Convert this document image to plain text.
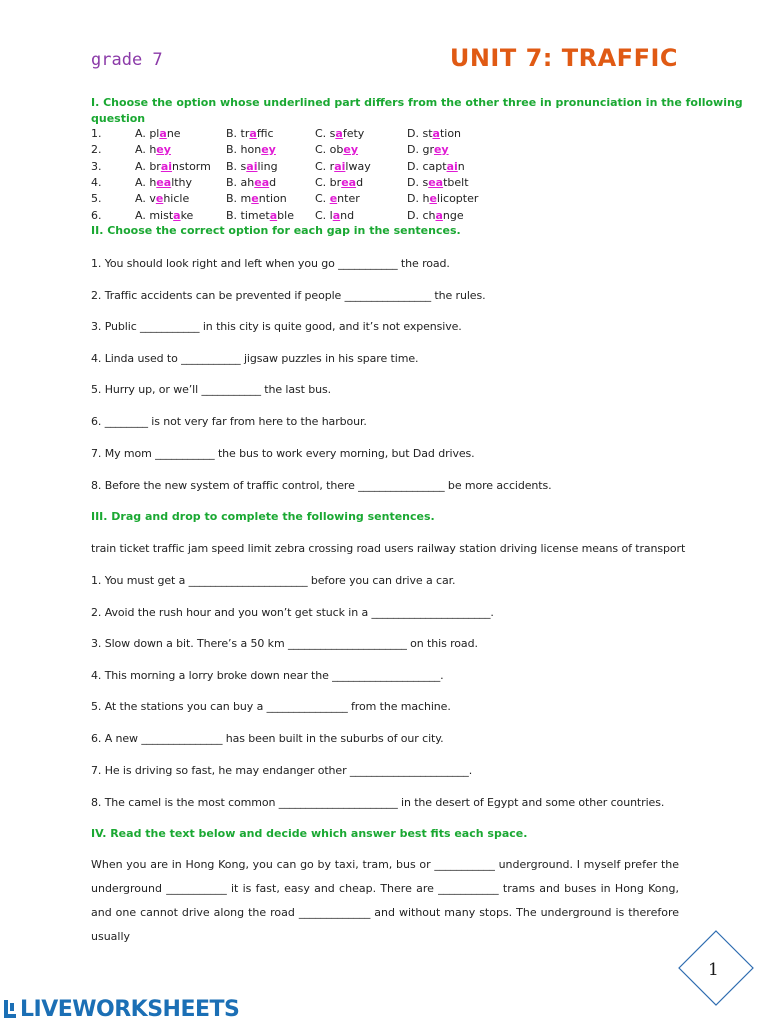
grade 7	UNIT 7: TRAFFIC
I. Choose the option whose underlined part differs from the other three in pronunciation in the following
question
1.	A. plane	B. traffic	C. safety	D. station
2.	A. hey	B. honey	C. obey	D. grey
3.	A. brainstorm B. sailing	C. railway	D. captain
4.	A. healthy	B. ahead	C. bread	D. seatbelt
5.	A. vehicle	B. mention	C. enter	D. helicopter
6.	A. mistake	B. timetable C. land	D. change
II. Choose the correct option for each gap in the sentences.
1. You should look right and left when you go ___________ the road.
2. Traffic accidents can be prevented if people ________________ the rules.
3. Public ___________ in this city is quite good, and it’s not expensive.
4. Linda used to ___________ jigsaw puzzles in his spare time.
5. Hurry up, or we’ll ___________ the last bus.
6. ________ is not very far from here to the harbour.
7. My mom ___________ the bus to work every morning, but Dad drives.
8. Before the new system of traffic control, there ________________ be more accidents.
III. Drag and drop to complete the following sentences.
train ticket traffic jam speed limit zebra crossing road users railway station driving license means of transport
1. You must get a ______________________ before you can drive a car.
2. Avoid the rush hour and you won’t get stuck in a ______________________.
3. Slow down a bit. There’s a 50 km ______________________ on this road.
4. This morning a lorry broke down near the ____________________.
5. At the stations you can buy a _______________ from the machine.
6. A new _______________ has been built in the suburbs of our city.
7. He is driving so fast, he may endanger other ______________________.
8. The camel is the most common ______________________ in the desert of Egypt and some other countries.
IV. Read the text below and decide which answer best fits each space.
When you are in Hong Kong, you can go by taxi, tram, bus or ___________ underground. I myself prefer the underground ___________ it is fast, easy and cheap. There are ___________ trams and buses in Hong Kong, and one cannot drive along the road _____________ and without many stops. The underground is therefore usually
1
LIVEWORKSHEETS
